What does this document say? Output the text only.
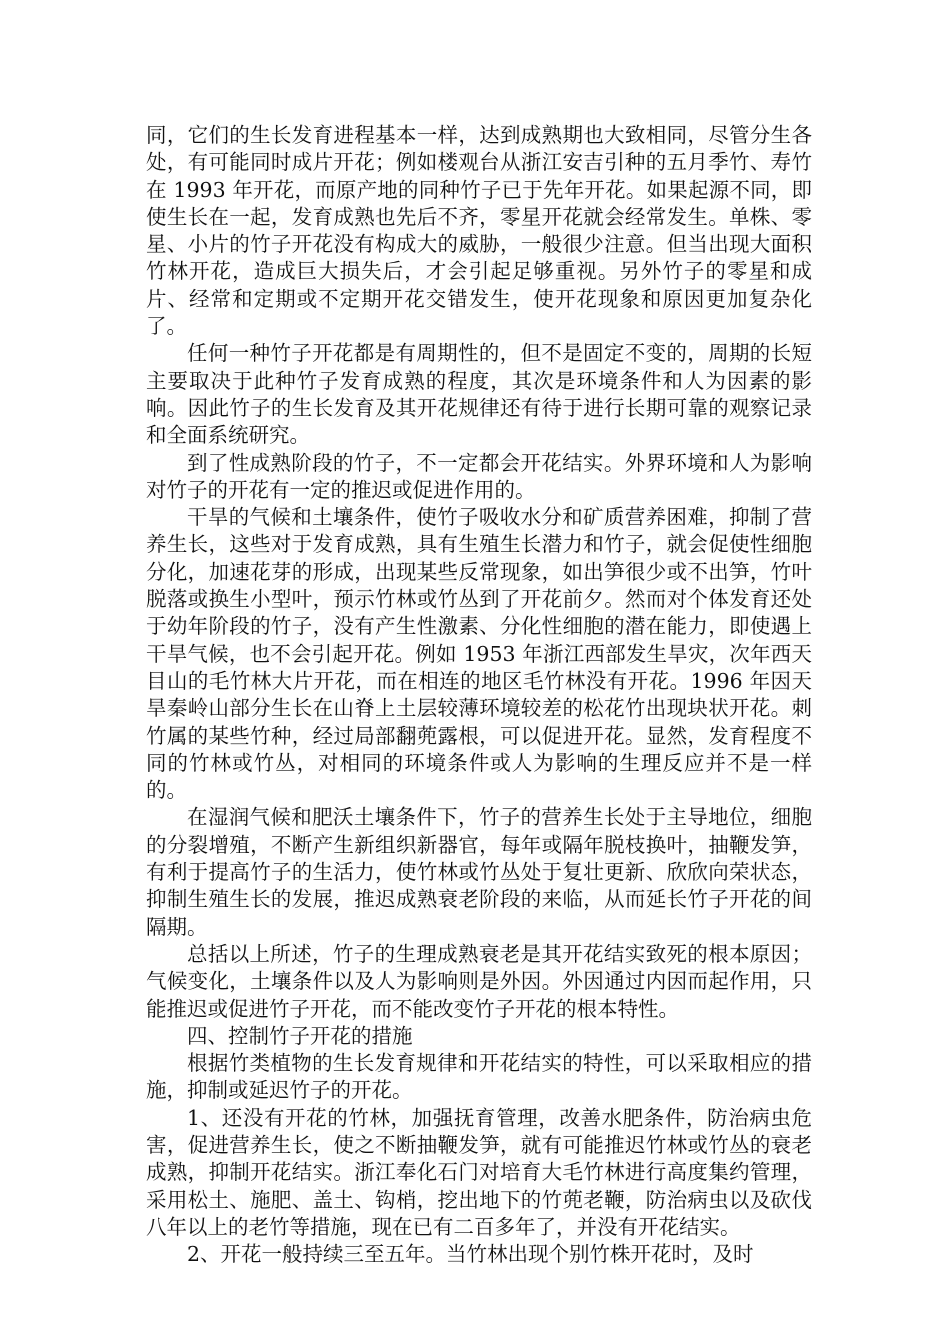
同，它们的生长发育进程基本一样，达到成熟期也大致相同，尽管分生各处，有可能同时成片开花；例如楼观台从浙江安吉引种的五月季竹、寿竹在 1993 年开花，而原产地的同种竹子已于先年开花。如果起源不同，即使生长在一起，发育成熟也先后不齐，零星开花就会经常发生。单株、零星、小片的竹子开花没有构成大的威胁，一般很少注意。但当出现大面积竹林开花，造成巨大损失后，才会引起足够重视。另外竹子的零星和成片、经常和定期或不定期开花交错发生，使开花现象和原因更加复杂化了。

任何一种竹子开花都是有周期性的，但不是固定不变的，周期的长短主要取决于此种竹子发育成熟的程度，其次是环境条件和人为因素的影响。因此竹子的生长发育及其开花规律还有待于进行长期可靠的观察记录和全面系统研究。

到了性成熟阶段的竹子，不一定都会开花结实。外界环境和人为影响对竹子的开花有一定的推迟或促进作用的。

干旱的气候和土壤条件，使竹子吸收水分和矿质营养困难，抑制了营养生长，这些对于发育成熟，具有生殖生长潜力和竹子，就会促使性细胞分化，加速花芽的形成，出现某些反常现象，如出笋很少或不出笋，竹叶脱落或换生小型叶，预示竹林或竹丛到了开花前夕。然而对个体发育还处于幼年阶段的竹子，没有产生性激素、分化性细胞的潜在能力，即使遇上干旱气候，也不会引起开花。例如 1953 年浙江西部发生旱灾，次年西天目山的毛竹林大片开花，而在相连的地区毛竹林没有开花。1996 年因天旱秦岭山部分生长在山脊上土层较薄环境较差的松花竹出现块状开花。刺竹属的某些竹种，经过局部翻蔸露根，可以促进开花。显然，发育程度不同的竹林或竹丛，对相同的环境条件或人为影响的生理反应并不是一样的。

在湿润气候和肥沃土壤条件下，竹子的营养生长处于主导地位，细胞的分裂增殖，不断产生新组织新器官，每年或隔年脱枝换叶，抽鞭发笋，有利于提高竹子的生活力，使竹林或竹丛处于复壮更新、欣欣向荣状态，抑制生殖生长的发展，推迟成熟衰老阶段的来临，从而延长竹子开花的间隔期。

总括以上所述，竹子的生理成熟衰老是其开花结实致死的根本原因；气候变化，土壤条件以及人为影响则是外因。外因通过内因而起作用，只能推迟或促进竹子开花，而不能改变竹子开花的根本特性。

四、控制竹子开花的措施

根据竹类植物的生长发育规律和开花结实的特性，可以采取相应的措施，抑制或延迟竹子的开花。

1、还没有开花的竹林，加强抚育管理，改善水肥条件，防治病虫危害，促进营养生长，使之不断抽鞭发笋，就有可能推迟竹林或竹丛的衰老成熟，抑制开花结实。浙江奉化石门对培育大毛竹林进行高度集约管理，采用松土、施肥、盖土、钩梢，挖出地下的竹蔸老鞭，防治病虫以及砍伐八年以上的老竹等措施，现在已有二百多年了，并没有开花结实。

2、开花一般持续三至五年。当竹林出现个别竹株开花时，及时
